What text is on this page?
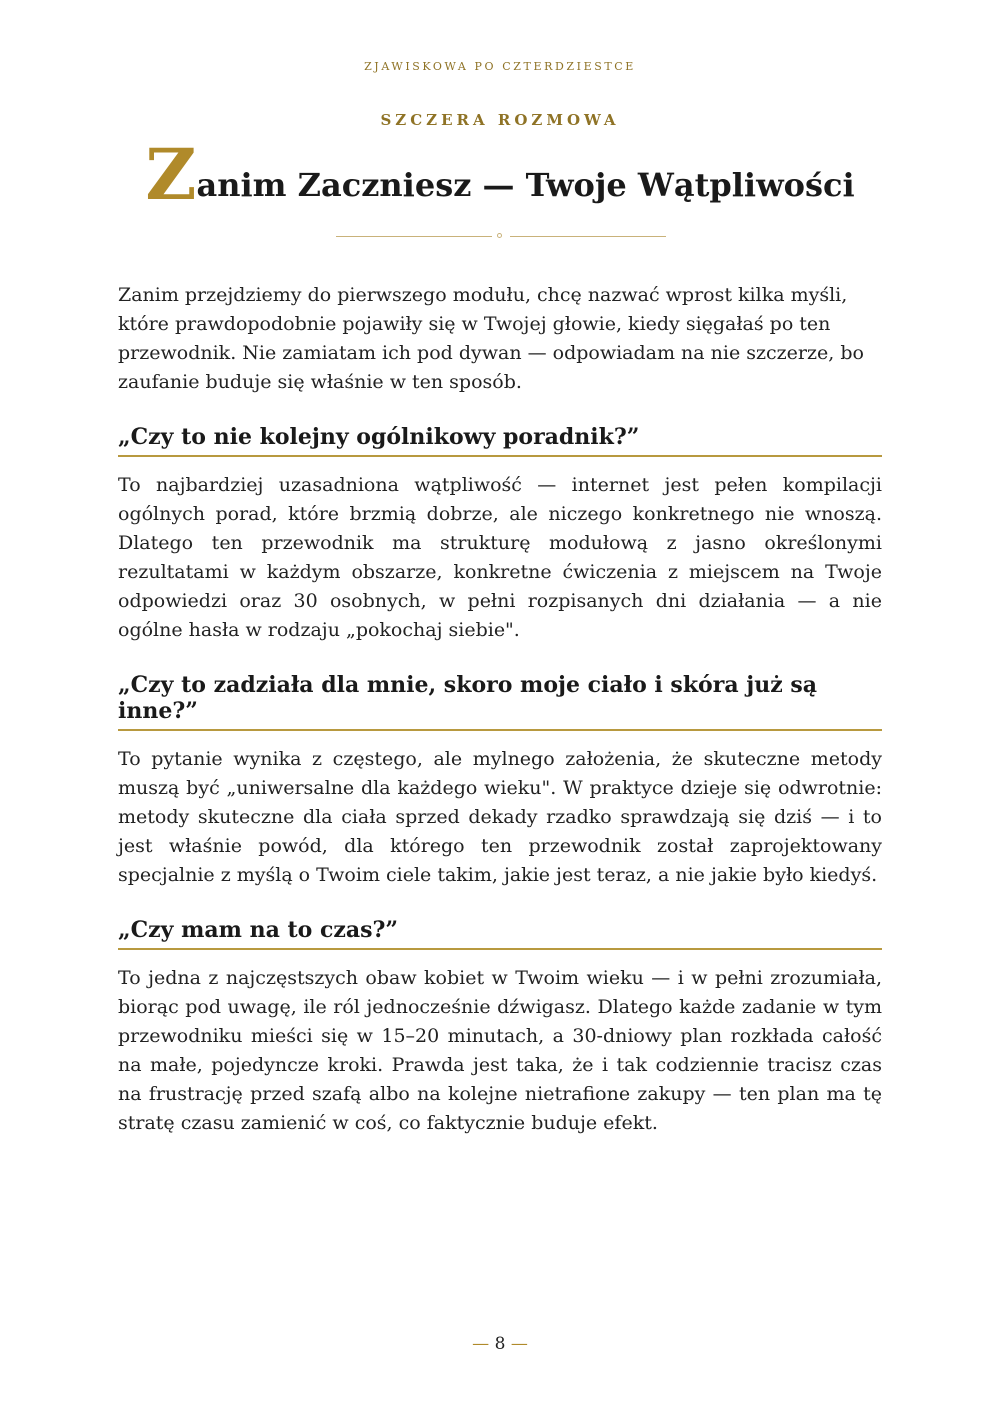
ZJAWISKOWA PO CZTERDZIESTCE
SZCZERA ROZMOWA
Zanim Zaczniesz — Twoje Wątpliwości

Zanim przejdziemy do pierwszego modułu, chcę nazwać wprost kilka myśli, które prawdopodobnie pojawiły się w Twojej głowie, kiedy sięgałaś po ten przewodnik. Nie zamiatam ich pod dywan — odpowiadam na nie szczerze, bo zaufanie buduje się właśnie w ten sposób.

„Czy to nie kolejny ogólnikowy poradnik?”

To najbardziej uzasadniona wątpliwość — internet jest pełen kompilacji ogólnych porad, które brzmią dobrze, ale niczego konkretnego nie wnoszą. Dlatego ten przewodnik ma strukturę modułową z jasno określonymi rezultatami w każdym obszarze, konkretne ćwiczenia z miejscem na Twoje odpowiedzi oraz 30 osobnych, w pełni rozpisanych dni działania — a nie ogólne hasła w rodzaju „pokochaj siebie".

„Czy to zadziała dla mnie, skoro moje ciało i skóra już są inne?”

To pytanie wynika z częstego, ale mylnego założenia, że skuteczne metody muszą być „uniwersalne dla każdego wieku". W praktyce dzieje się odwrotnie: metody skuteczne dla ciała sprzed dekady rzadko sprawdzają się dziś — i to jest właśnie powód, dla którego ten przewodnik został zaprojektowany specjalnie z myślą o Twoim ciele takim, jakie jest teraz, a nie jakie było kiedyś.

„Czy mam na to czas?”

To jedna z najczęstszych obaw kobiet w Twoim wieku — i w pełni zrozumiała, biorąc pod uwagę, ile ról jednocześnie dźwigasz. Dlatego każde zadanie w tym przewodniku mieści się w 15–20 minutach, a 30-dniowy plan rozkłada całość na małe, pojedyncze kroki. Prawda jest taka, że i tak codziennie tracisz czas na frustrację przed szafą albo na kolejne nietrafione zakupy — ten plan ma tę stratę czasu zamienić w coś, co faktycznie buduje efekt.

— 8 —
